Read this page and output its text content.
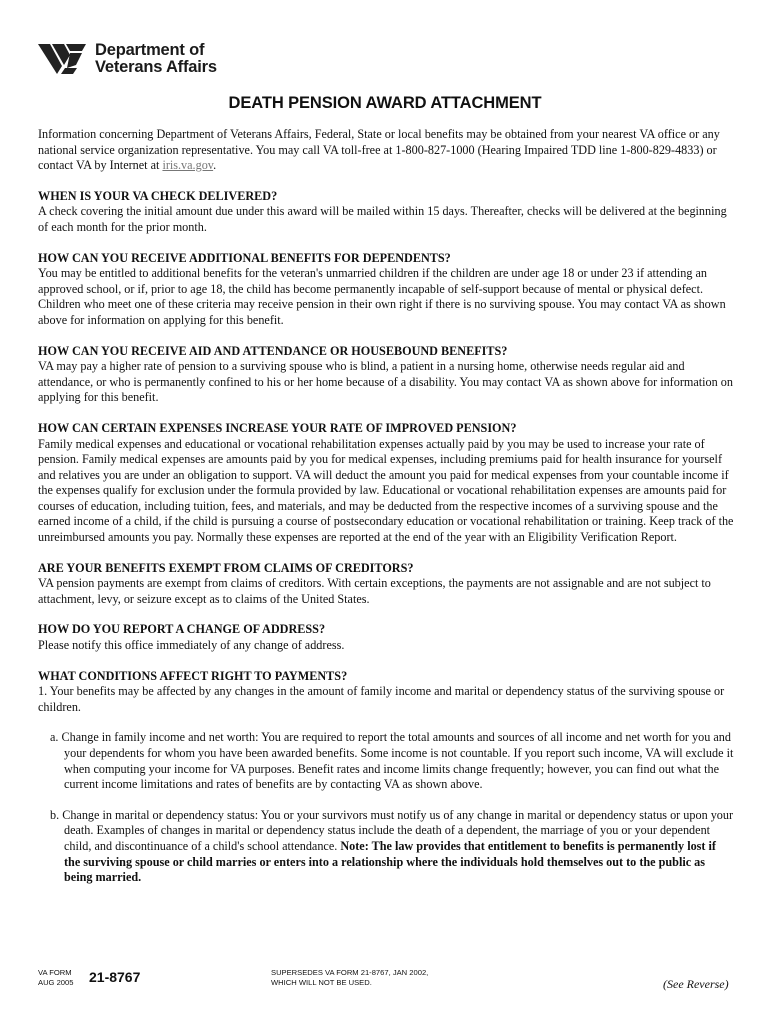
Department of
Veterans Affairs
DEATH PENSION AWARD ATTACHMENT

Information concerning Department of Veterans Affairs, Federal, State or local benefits may be obtained from your nearest VA office or any national service organization representative. You may call VA toll-free at 1-800-827-1000 (Hearing Impaired TDD line 1-800-829-4833) or contact VA by Internet at iris.va.gov.

WHEN IS YOUR VA CHECK DELIVERED?

A check covering the initial amount due under this award will be mailed within 15 days. Thereafter, checks will be delivered at the beginning of each month for the prior month.

HOW CAN YOU RECEIVE ADDITIONAL BENEFITS FOR DEPENDENTS?

You may be entitled to additional benefits for the veteran's unmarried children if the children are under age 18 or under 23 if attending an approved school, or if, prior to age 18, the child has become permanently incapable of self-support because of mental or physical defect. Children who meet one of these criteria may receive pension in their own right if there is no surviving spouse. You may contact VA as shown above for information on applying for this benefit.

HOW CAN YOU RECEIVE AID AND ATTENDANCE OR HOUSEBOUND BENEFITS?

VA may pay a higher rate of pension to a surviving spouse who is blind, a patient in a nursing home, otherwise needs regular aid and attendance, or who is permanently confined to his or her home because of a disability. You may contact VA as shown above for information on applying for this benefit.

HOW CAN CERTAIN EXPENSES INCREASE YOUR RATE OF IMPROVED PENSION?

Family medical expenses and educational or vocational rehabilitation expenses actually paid by you may be used to increase your rate of pension. Family medical expenses are amounts paid by you for medical expenses, including premiums paid for health insurance for yourself and relatives you are under an obligation to support. VA will deduct the amount you paid for medical expenses from your countable income if the expenses qualify for exclusion under the formula provided by law. Educational or vocational rehabilitation expenses are amounts paid for courses of education, including tuition, fees, and materials, and may be deducted from the respective incomes of a surviving spouse and the earned income of a child, if the child is pursuing a course of postsecondary education or vocational rehabilitation or training. Keep track of the unreimbursed amounts you pay. Normally these expenses are reported at the end of the year with an Eligibility Verification Report.

ARE YOUR BENEFITS EXEMPT FROM CLAIMS OF CREDITORS?

VA pension payments are exempt from claims of creditors. With certain exceptions, the payments are not assignable and are not subject to attachment, levy, or seizure except as to claims of the United States.

HOW DO YOU REPORT A CHANGE OF ADDRESS?

Please notify this office immediately of any change of address.

WHAT CONDITIONS AFFECT RIGHT TO PAYMENTS?

1. Your benefits may be affected by any changes in the amount of family income and marital or dependency status of the surviving spouse or children.

a. Change in family income and net worth: You are required to report the total amounts and sources of all income and net worth for you and your dependents for whom you have been awarded benefits. Some income is not countable. If you report such income, VA will exclude it when computing your income for VA purposes. Benefit rates and income limits change frequently; however, you can find out what the current income limitations and rates of benefits are by contacting VA as shown above.

b. Change in marital or dependency status: You or your survivors must notify us of any change in marital or dependency status or upon your death. Examples of changes in marital or dependency status include the death of a dependent, the marriage of you or your dependent child, and discontinuance of a child's school attendance. Note: The law provides that entitlement to benefits is permanently lost if the surviving spouse or child marries or enters into a relationship where the individuals hold themselves out to the public as being married.

VA FORM
AUG 2005 21-8767	SUPERSEDES VA FORM 21-8767, JAN 2002,
WHICH WILL NOT BE USED.	(See Reverse)
